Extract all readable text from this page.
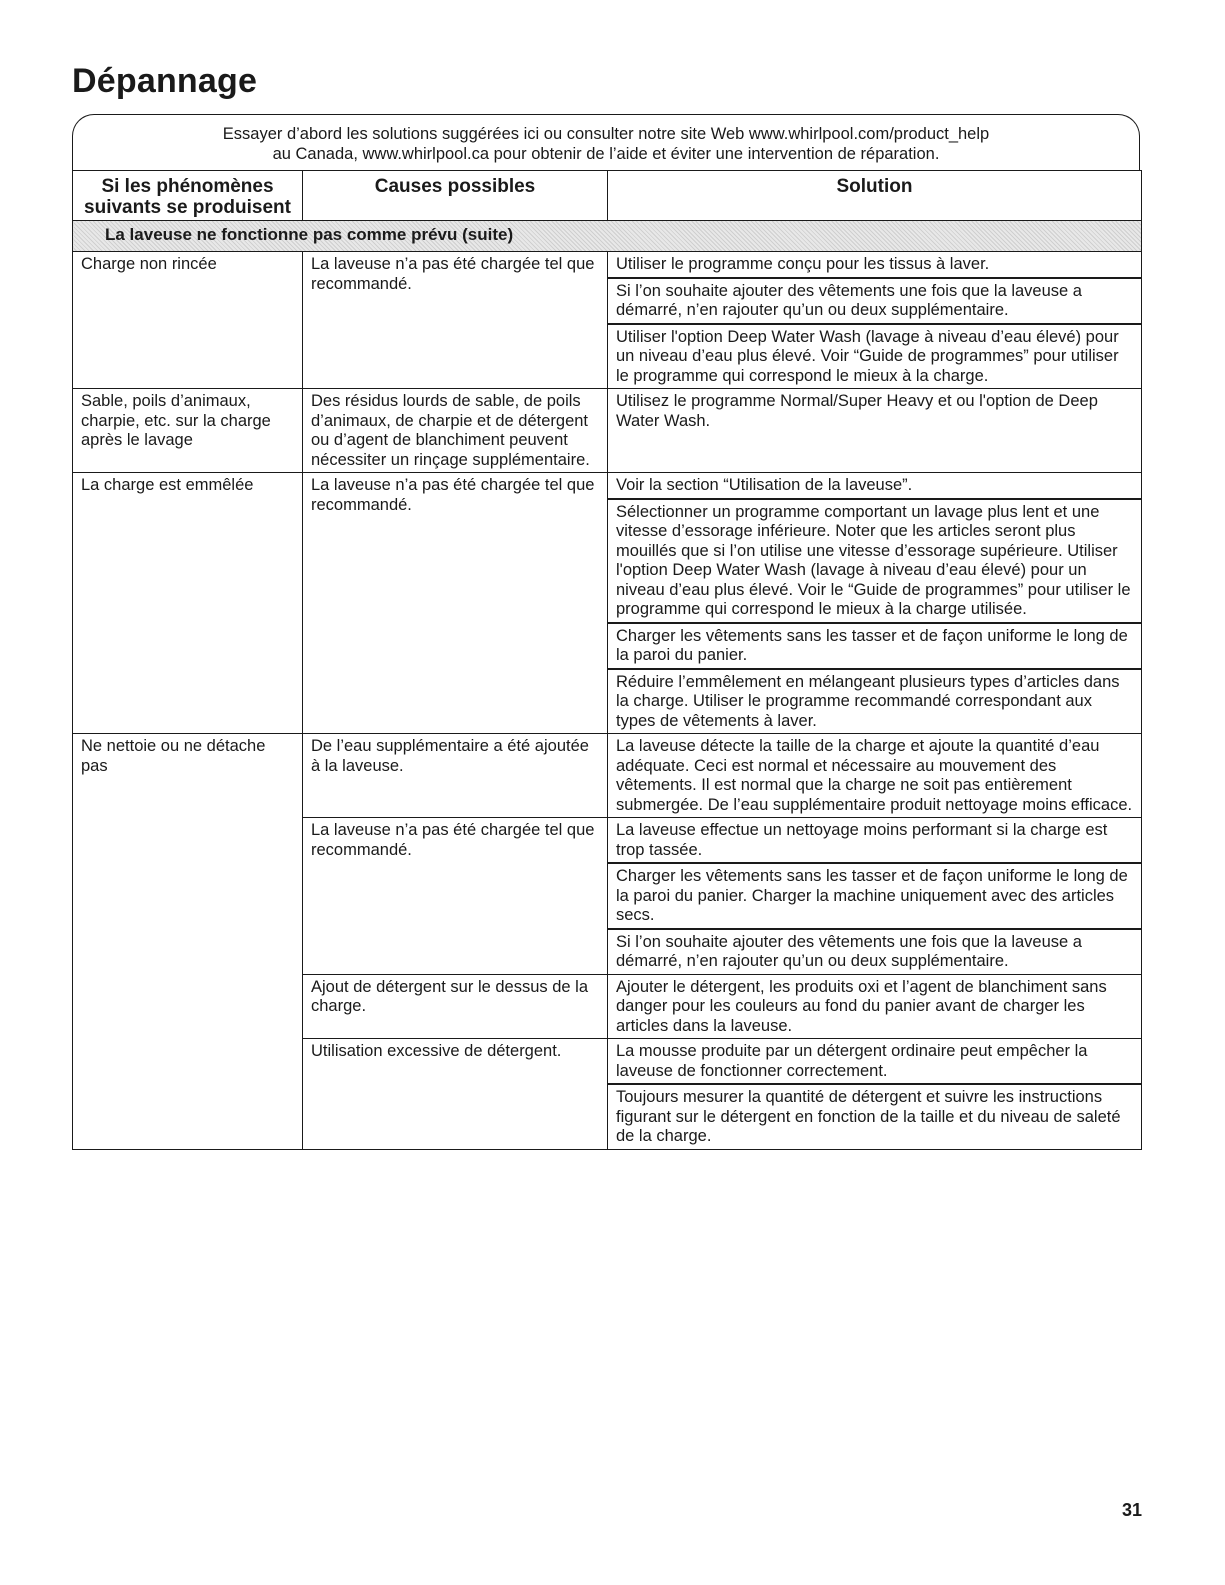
Dépannage
Essayer d’abord les solutions suggérées ici ou consulter notre site Web www.whirlpool.com/product_help
au Canada, www.whirlpool.ca pour obtenir de l’aide et éviter une intervention de réparation.
Si les phénomènes suivants se produisent	Causes possibles	Solution
La laveuse ne fonctionne pas comme prévu (suite)		
Charge non rincée	La laveuse n’a pas été chargée tel que recommandé.	Utiliser le programme conçu pour les tissus à laver.
		Si l’on souhaite ajouter des vêtements une fois que la laveuse a démarré, n’en rajouter qu’un ou deux supplémentaire.
		Utiliser l'option Deep Water Wash (lavage à niveau d’eau élevé) pour un niveau d’eau plus élevé. Voir “Guide de programmes” pour utiliser le programme qui correspond le mieux à la charge.
Sable, poils d’animaux, charpie, etc. sur la charge après le lavage	Des résidus lourds de sable, de poils d’animaux, de charpie et de détergent ou d’agent de blanchiment peuvent nécessiter un rinçage supplémentaire.	Utilisez le programme Normal/Super Heavy et ou l'option de Deep Water Wash.
La charge est emmêlée	La laveuse n’a pas été chargée tel que recommandé.	Voir la section “Utilisation de la laveuse”.
		Sélectionner un programme comportant un lavage plus lent et une vitesse d’essorage inférieure. Noter que les articles seront plus mouillés que si l’on utilise une vitesse d’essorage supérieure. Utiliser l'option Deep Water Wash (lavage à niveau d’eau élevé) pour un niveau d’eau plus élevé. Voir le “Guide de programmes” pour utiliser le programme qui correspond le mieux à la charge utilisée.
		Charger les vêtements sans les tasser et de façon uniforme le long de la paroi du panier.
		Réduire l’emmêlement en mélangeant plusieurs types d’articles dans la charge. Utiliser le programme recommandé correspondant aux types de vêtements à laver.
Ne nettoie ou ne détache pas	De l’eau supplémentaire a été ajoutée à la laveuse.	La laveuse détecte la taille de la charge et ajoute la quantité d’eau adéquate. Ceci est normal et nécessaire au mouvement des vêtements. Il est normal que la charge ne soit pas entièrement submergée. De l’eau supplémentaire produit nettoyage moins efficace.
	La laveuse n’a pas été chargée tel que recommandé.	La laveuse effectue un nettoyage moins performant si la charge est trop tassée.
		Charger les vêtements sans les tasser et de façon uniforme le long de la paroi du panier. Charger la machine uniquement avec des articles secs.
		Si l’on souhaite ajouter des vêtements une fois que la laveuse a démarré, n’en rajouter qu’un ou deux supplémentaire.
	Ajout de détergent sur le dessus de la charge.	Ajouter le détergent, les produits oxi et l’agent de blanchiment sans danger pour les couleurs au fond du panier avant de charger les articles dans la laveuse.
	Utilisation excessive de détergent.	La mousse produite par un détergent ordinaire peut empêcher la laveuse de fonctionner correctement.
		Toujours mesurer la quantité de détergent et suivre les instructions figurant sur le détergent en fonction de la taille et du niveau de saleté de la charge.
31
